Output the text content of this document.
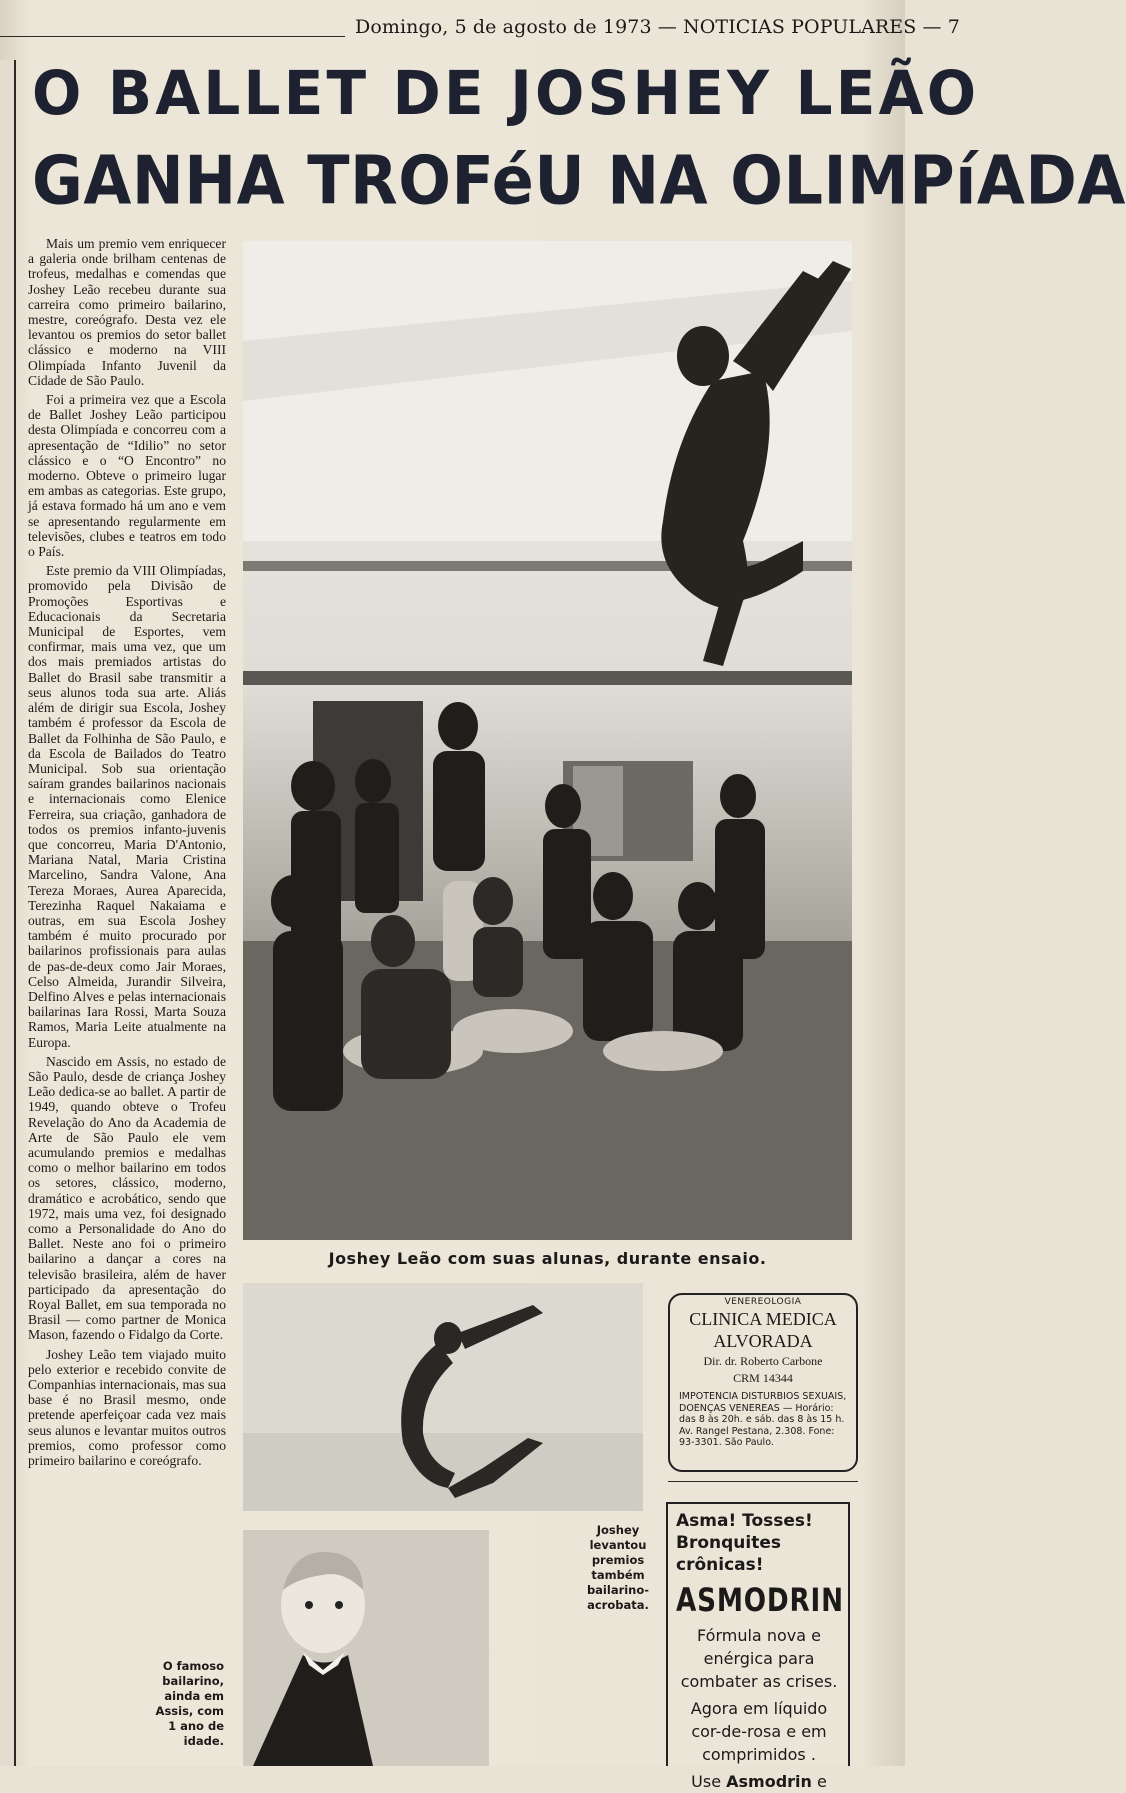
Domingo, 5 de agosto de 1973 — NOTICIAS POPULARES — 7
O BALLET DE JOSHEY LEÃO
GANHA TROFéU NA OLIMPíADA

Mais um premio vem enriquecer a galeria onde brilham centenas de trofeus, medalhas e comendas que Joshey Leão recebeu durante sua carreira como primeiro bailarino, mestre, coreógrafo. Desta vez ele levantou os premios do setor ballet clássico e moderno na VIII Olimpíada Infanto Juvenil da Cidade de São Paulo.

Foi a primeira vez que a Escola de Ballet Joshey Leão participou desta Olimpíada e concorreu com a apresentação de “Idilio” no setor clássico e o “O Encontro” no moderno. Obteve o primeiro lugar em ambas as categorias. Este grupo, já estava formado há um ano e vem se apresentando regularmente em televisões, clubes e teatros em todo o País.

Este premio da VIII Olimpíadas, promovido pela Divisão de Promoções Esportivas e Educacionais da Secretaria Municipal de Esportes, vem confirmar, mais uma vez, que um dos mais premiados artistas do Ballet do Brasil sabe transmitir a seus alunos toda sua arte. Aliás além de dirigir sua Escola, Joshey também é professor da Escola de Ballet da Folhinha de São Paulo, e da Escola de Bailados do Teatro Municipal. Sob sua orientação saíram grandes bailarinos nacionais e internacionais como Elenice Ferreira, sua criação, ganhadora de todos os premios infanto-juvenis que concorreu, Maria D'Antonio, Mariana Natal, Maria Cristina Marcelino, Sandra Valone, Ana Tereza Moraes, Aurea Aparecida, Terezinha Raquel Nakaiama e outras, em sua Escola Joshey também é muito procurado por bailarinos profissionais para aulas de pas-de-deux como Jair Moraes, Celso Almeida, Jurandir Silveira, Delfino Alves e pelas internacionais bailarinas Iara Rossi, Marta Souza Ramos, Maria Leite atualmente na Europa.

Nascido em Assis, no estado de São Paulo, desde de criança Joshey Leão dedica-se ao ballet. A partir de 1949, quando obteve o Trofeu Revelação do Ano da Academia de Arte de São Paulo ele vem acumulando premios e medalhas como o melhor bailarino em todos os setores, clássico, moderno, dramático e acrobático, sendo que 1972, mais uma vez, foi designado como a Personalidade do Ano do Ballet. Neste ano foi o primeiro bailarino a dançar a cores na televisão brasileira, além de haver participado da apresentação do Royal Ballet, em sua temporada no Brasil — como partner de Monica Mason, fazendo o Fidalgo da Corte.

Joshey Leão tem viajado muito pelo exterior e recebido convite de Companhias internacionais, mas sua base é no Brasil mesmo, onde pretende aperfeiçoar cada vez mais seus alunos e levantar muitos outros premios, como professor como primeiro bailarino e coreógrafo.

Joshey Leão com suas alunas, durante ensaio.
Joshey levantou premios também bailarino-acrobata.
O famoso bailarino, ainda em Assis, com 1 ano de idade.
VENEREOLOGIA
CLINICA MEDICA
ALVORADA
Dir. dr. Roberto Carbone
CRM 14344
IMPOTENCIA DISTURBIOS SEXUAIS, DOENÇAS VENEREAS — Horário: das 8 às 20h. e sáb. das 8 às 15 h. Av. Rangel Pestana, 2.308. Fone: 93-3301. São Paulo.
Asma! Tosses!
Bronquites crônicas!
ASMODRIN
Fórmula nova e enérgica para combater as crises.
Agora em líquido cor-de-rosa e em comprimidos .
Use Asmodrin e
